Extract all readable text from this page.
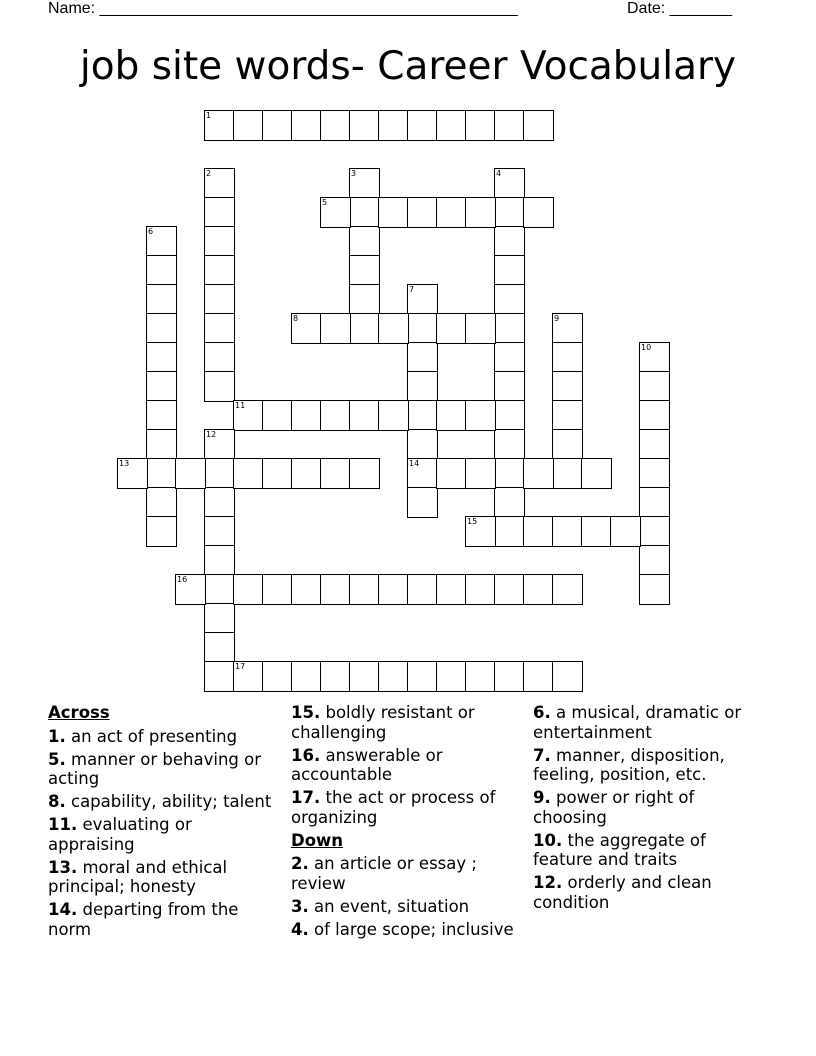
Name: _______________________________________________	Date: _______
job site words- Career Vocabulary
1
2	3	4
5
6
7
14
8	9
10
11
12
13
15
16
17
Across
1. an act of presenting
5. manner or behaving or acting
8. capability, ability; talent
11. evaluating or appraising
13. moral and ethical principal; honesty
14. departing from the norm
15. boldly resistant or challenging
16. answerable or accountable
17. the act or process of organizing
Down
2. an article or essay ; review
3. an event, situation
4. of large scope; inclusive
6. a musical, dramatic or entertainment
7. manner, disposition, feeling, position, etc.
9. power or right of choosing
10. the aggregate of feature and traits
12. orderly and clean condition
